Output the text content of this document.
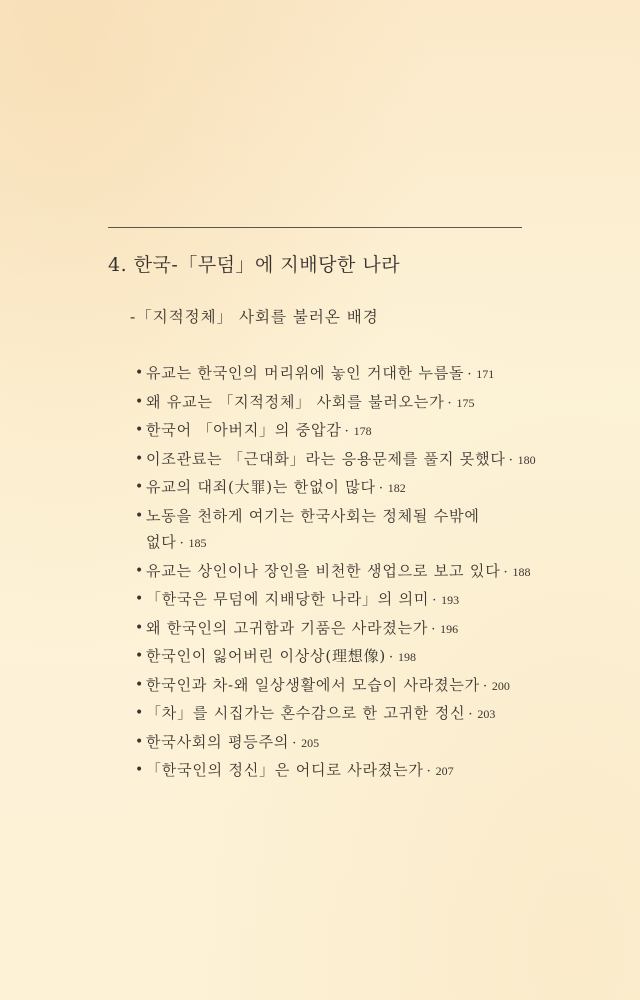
4. 한국-「무덤」에 지배당한 나라
-「지적정체」 사회를 불러온 배경
• 유교는 한국인의 머리위에 놓인 거대한 누름돌 · 171
• 왜 유교는 「지적정체」 사회를 불러오는가 · 175
• 한국어 「아버지」의 중압감 · 178
• 이조관료는 「근대화」라는 응용문제를 풀지 못했다 · 180
• 유교의 대죄(大罪)는 한없이 많다 · 182
• 노동을 천하게 여기는 한국사회는 정체될 수밖에
없다 · 185
• 유교는 상인이나 장인을 비천한 생업으로 보고 있다 · 188
• 「한국은 무덤에 지배당한 나라」의 의미 · 193
• 왜 한국인의 고귀함과 기품은 사라졌는가 · 196
• 한국인이 잃어버린 이상상(理想像) · 198
• 한국인과 차-왜 일상생활에서 모습이 사라졌는가 · 200
• 「차」를 시집가는 혼수감으로 한 고귀한 정신 · 203
• 한국사회의 평등주의 · 205
• 「한국인의 정신」은 어디로 사라졌는가 · 207
